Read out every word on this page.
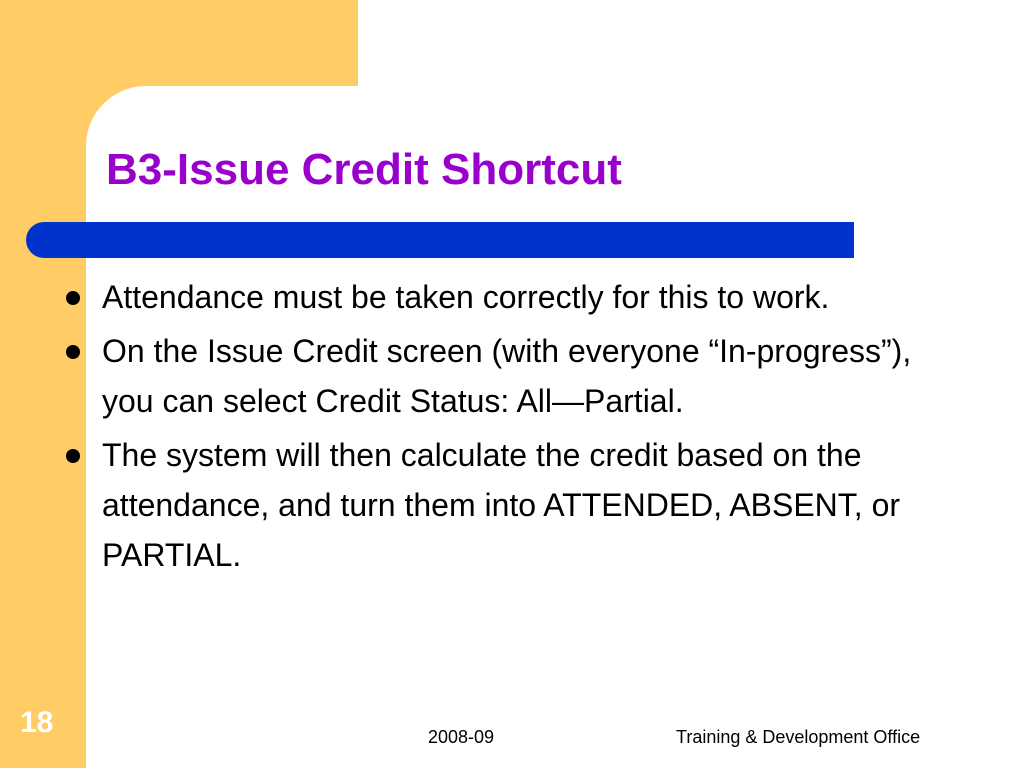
B3-Issue Credit Shortcut
Attendance must be taken correctly for this to work.
On the Issue Credit screen (with everyone “In-progress”), you can select Credit Status: All—Partial.
The system will then calculate the credit based on the attendance, and turn them into ATTENDED, ABSENT, or PARTIAL.
18	2008-09	Training & Development Office
